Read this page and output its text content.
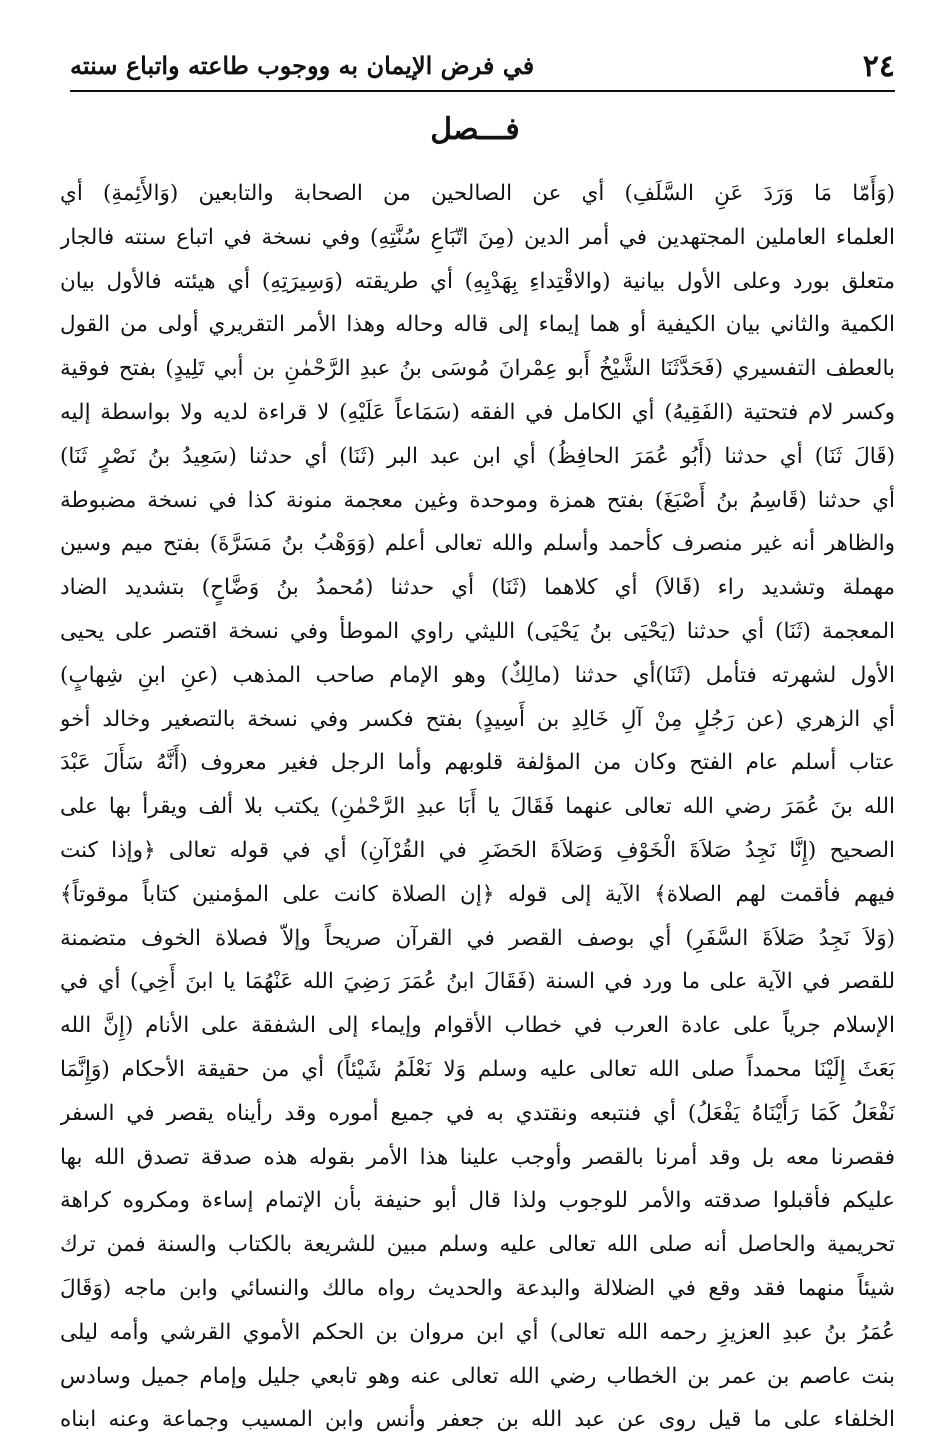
٢٤
في فرض الإيمان به ووجوب طاعته واتباع سنته
فـــصل
(وَأَمّا مَا وَرَدَ عَنِ السَّلَفِ) أي عن الصالحين من الصحابة والتابعين (وَالأَئِمةِ) أي
العلماء العاملين المجتهدين في أمر الدين (مِنَ اتّبَاعِ سُنَّتِهِ) وفي نسخة في اتباع سنته فالجار
متعلق بورد وعلى الأول بيانية (والاقْتِداءِ بِهَدْيِهِ) أي طريقته (وَسِيرَتِهِ) أي هيئته فالأول بيان
الكمية والثاني بيان الكيفية أو هما إيماء إلى قاله وحاله وهذا الأمر التقريري أولى من القول
بالعطف التفسيري (فَحَدَّثَنَا الشَّيْخُ أَبو عِمْرانَ مُوسَى بنُ عبدِ الرَّحْمٰنِ بن أبي تَلِيدٍ) بفتح فوقية
وكسر لام فتحتية (الفَقِيهُ) أي الكامل في الفقه (سَمَاعاً عَلَيْهِ) لا قراءة لديه ولا بواسطة إليه
(قَالَ ثَنَا) أي حدثنا (أَبُو عُمَرَ الحافِظُ) أي ابن عبد البر (ثَنَا) أي حدثنا (سَعِيدُ بنُ نَصْرٍ ثَنَا)
أي حدثنا (قَاسِمُ بنُ أَصْبَغَ) بفتح همزة وموحدة وغين معجمة منونة كذا في نسخة مضبوطة
والظاهر أنه غير منصرف كأحمد وأسلم والله تعالى أعلم (وَوَهْبُ بنُ مَسَرَّةَ) بفتح ميم وسين
مهملة وتشديد راء (قَالاَ) أي كلاهما (ثَنَا) أي حدثنا (مُحمدُ بنُ وَضَّاحٍ) بتشديد الضاد
المعجمة (ثَنَا) أي حدثنا (يَحْيَى بنُ يَحْيَى) الليثي راوي الموطأ وفي نسخة اقتصر على يحيى
الأول لشهرته فتأمل (ثَنَا)أي حدثنا (مالِكٌ) وهو الإمام صاحب المذهب (عنِ ابنِ شِهابٍ)
أي الزهري (عن رَجُلٍ مِنْ آلِ خَالِدِ بن أَسِيدٍ) بفتح فكسر وفي نسخة بالتصغير وخالد أخو
عتاب أسلم عام الفتح وكان من المؤلفة قلوبهم وأما الرجل فغير معروف (أَنَّهُ سَأَلَ عَبْدَ
الله بنَ عُمَرَ رضي الله تعالى عنهما فَقَالَ يا أَبَا عبدِ الرَّحْمٰنِ) يكتب بلا ألف ويقرأ بها على
الصحيح (إِنَّا نَجِدُ صَلاَةَ الْخَوْفِ وَصَلاَةَ الحَضَرِ في القُرْآنِ) أي في قوله تعالى ﴿وإذا كنت
فيهم فأقمت لهم الصلاة﴾ الآية إلى قوله ﴿إن الصلاة كانت على المؤمنين كتاباً موقوتاً﴾
(وَلاَ نَجِدُ صَلاَةَ السَّفَرِ) أي بوصف القصر في القرآن صريحاً وإلاّ فصلاة الخوف متضمنة
للقصر في الآية على ما ورد في السنة (فَقَالَ ابنُ عُمَرَ رَضِيَ الله عَنْهُمَا يا ابنَ أَخِي) أي في
الإسلام جرياً على عادة العرب في خطاب الأقوام وإيماء إلى الشفقة على الأنام (إِنَّ الله
بَعَثَ إِلَيْنَا محمداً صلى الله تعالى عليه وسلم وَلا نَعْلَمُ شَيْئاً) أي من حقيقة الأحكام (وَإِنَّمَا
نَفْعَلُ كَمَا رَأَيْنَاهُ يَفْعَلُ) أي فنتبعه ونقتدي به في جميع أموره وقد رأيناه يقصر في السفر
فقصرنا معه بل وقد أمرنا بالقصر وأوجب علينا هذا الأمر بقوله هذه صدقة تصدق الله بها
عليكم فأقبلوا صدقته والأمر للوجوب ولذا قال أبو حنيفة بأن الإتمام إساءة ومكروه كراهة
تحريمية والحاصل أنه صلى الله تعالى عليه وسلم مبين للشريعة بالكتاب والسنة فمن ترك
شيئاً منهما فقد وقع في الضلالة والبدعة والحديث رواه مالك والنسائي وابن ماجه (وَقَالَ
عُمَرُ بنُ عبدِ العزيزِ رحمه الله تعالى) أي ابن مروان بن الحكم الأموي القرشي وأمه ليلى
بنت عاصم بن عمر بن الخطاب رضي الله تعالى عنه وهو تابعي جليل وإمام جميل وسادس
الخلفاء على ما قيل روى عن عبد الله بن جعفر وأنس وابن المسيب وجماعة وعنه ابناه
